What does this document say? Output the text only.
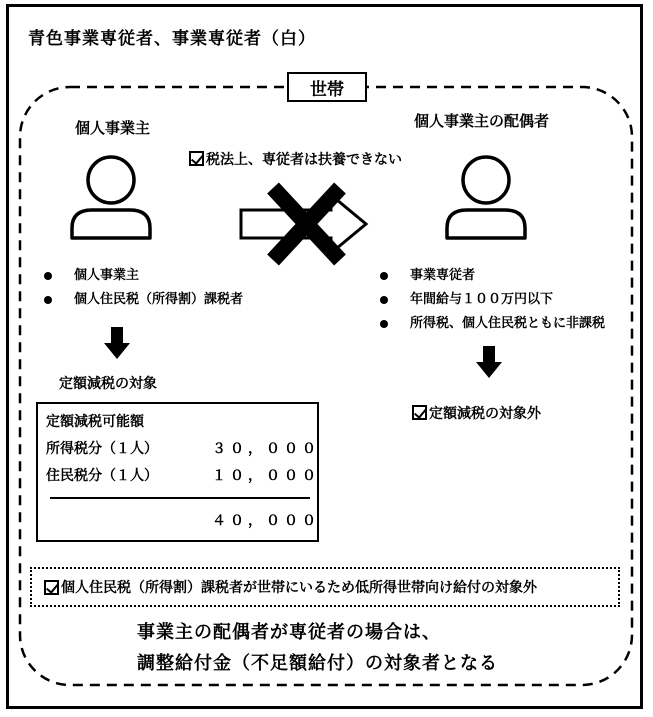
青色事業専従者、事業専従者（白）
世帯
個人事業主
個人事業主
個人住民税（所得割）課税者
定額減税の対象
定額減税可能額
所得税分（１人）	３０，０００
住民税分（１人）	１０，０００
４０，０００
税法上、専従者は扶養できない
個人事業主の配偶者
事業専従者
年間給与１００万円以下
所得税、個人住民税ともに非課税
定額減税の対象外
個人住民税（所得割）課税者が世帯にいるため低所得世帯向け給付の対象外
事業主の配偶者が専従者の場合は、
調整給付金（不足額給付）の対象者となる
